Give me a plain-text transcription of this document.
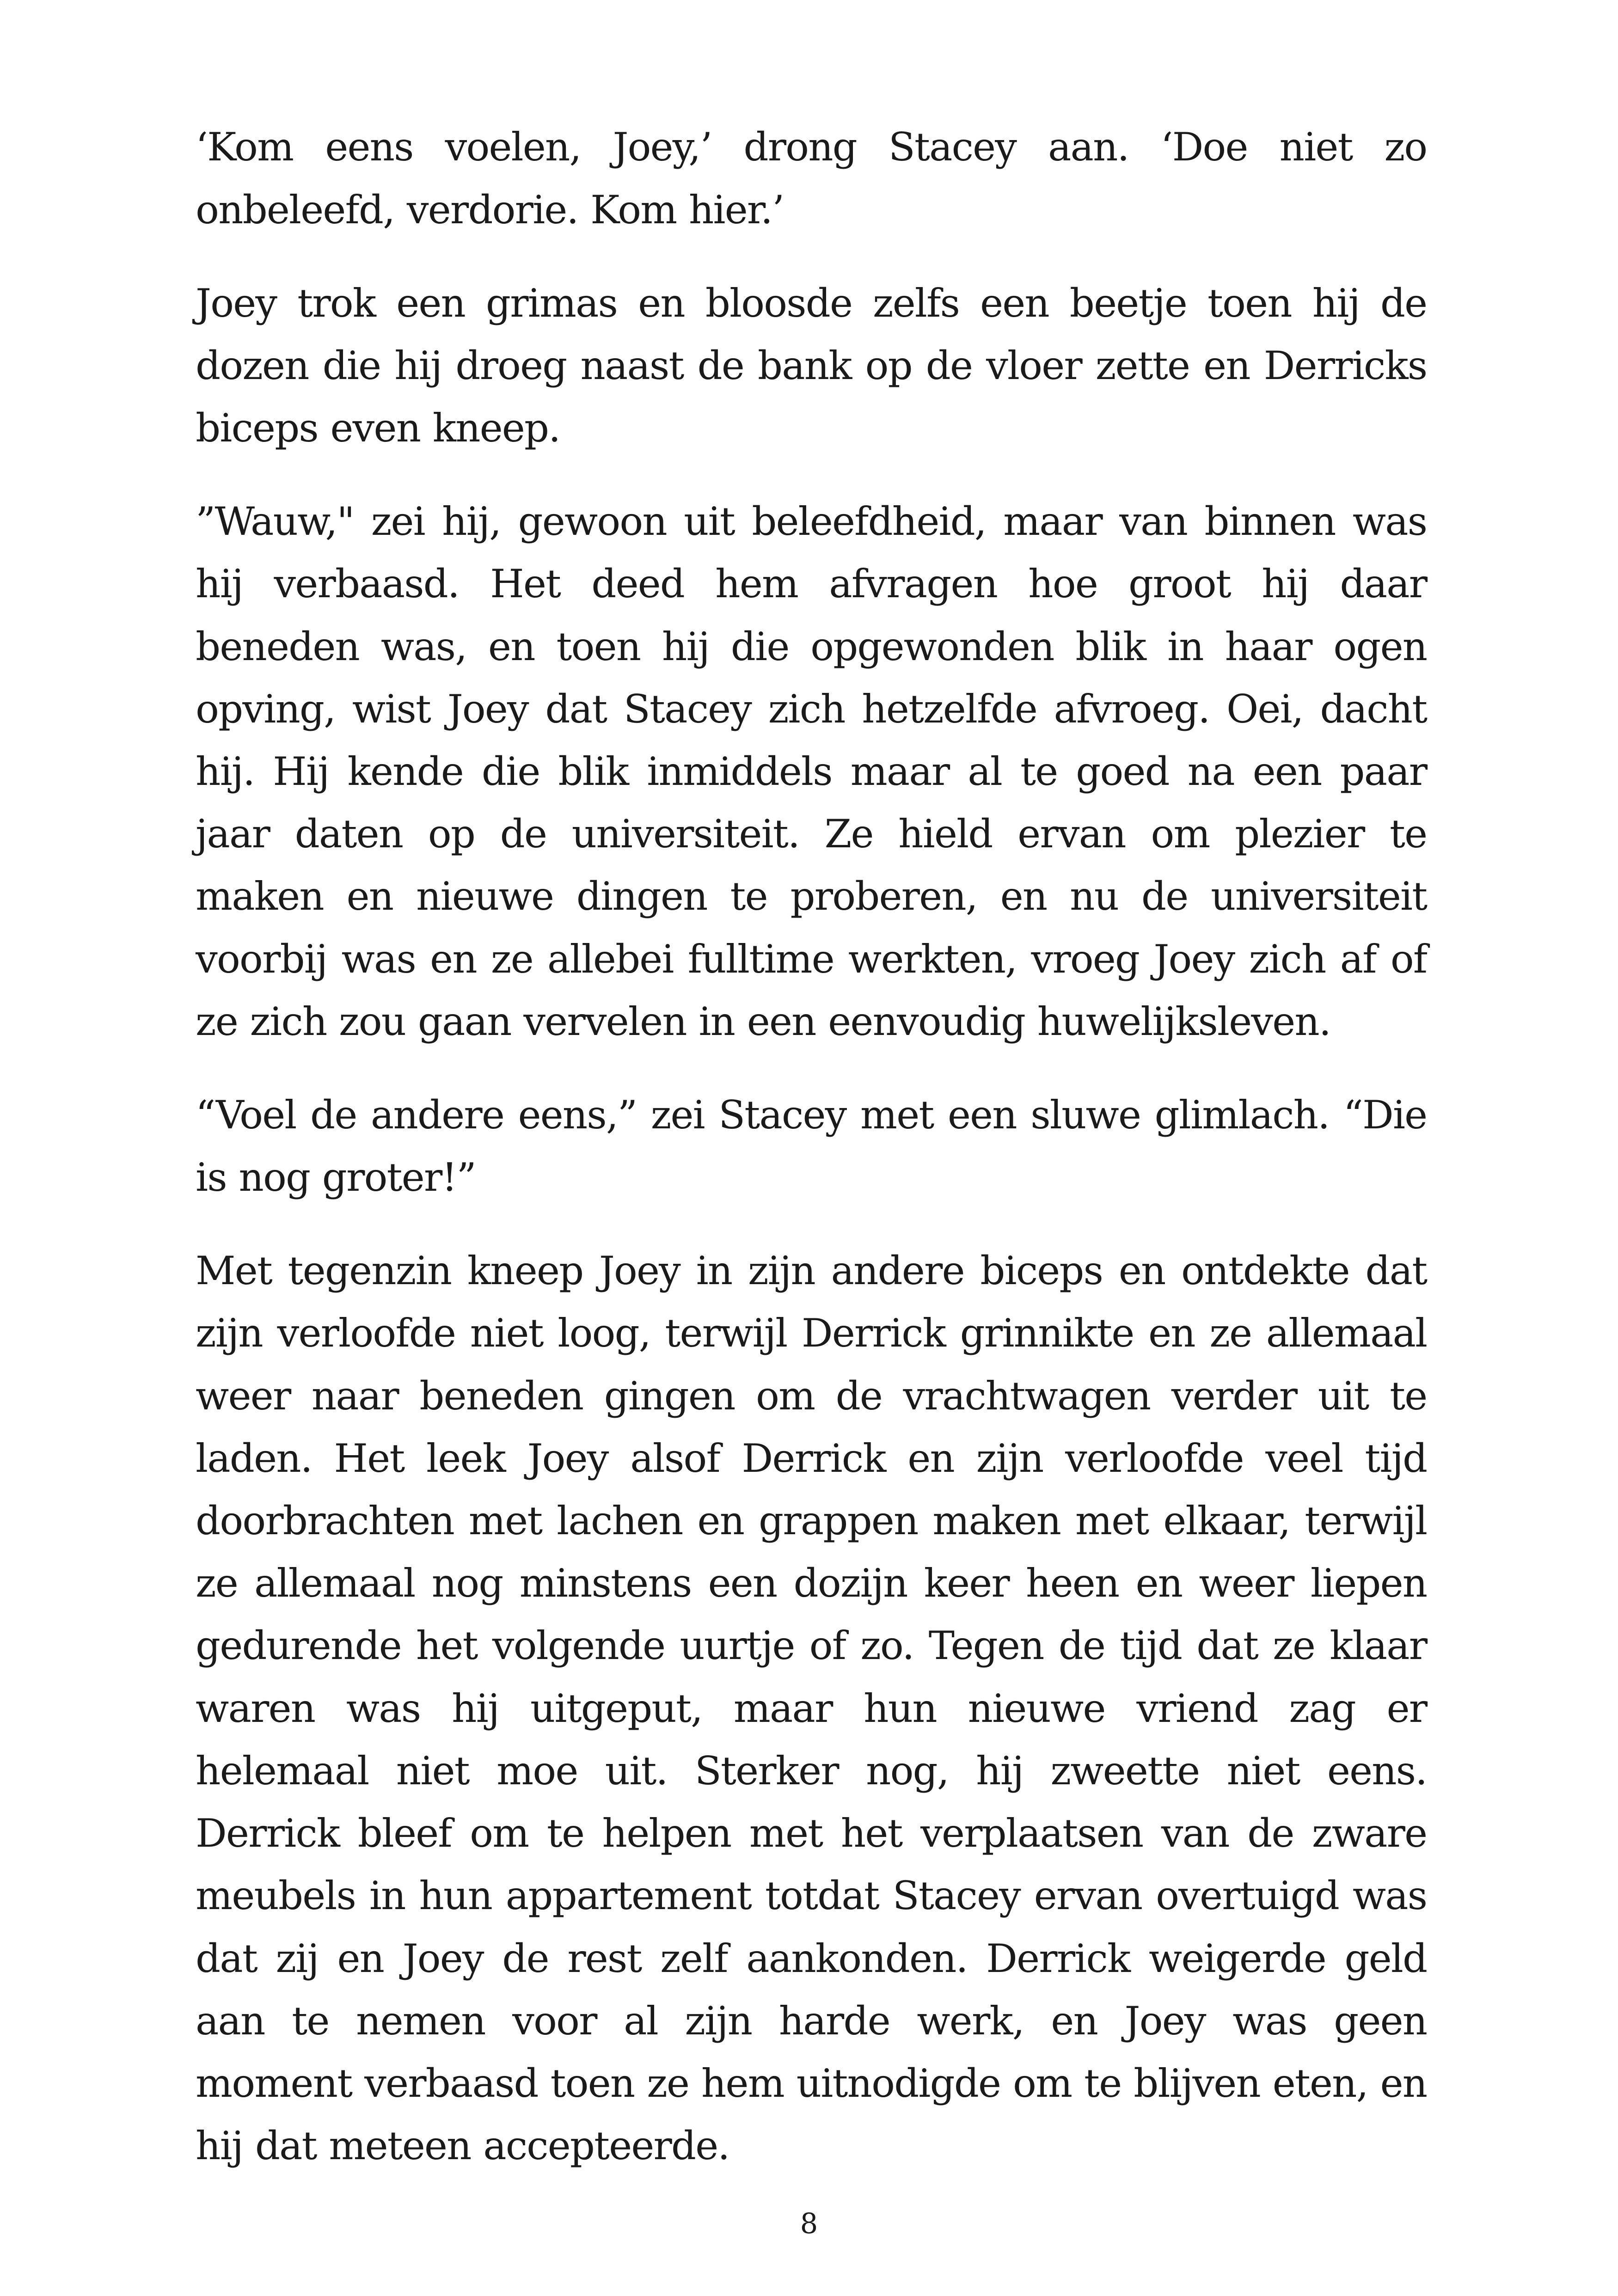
‘Kom eens voelen, Joey,’ drong Stacey aan. ‘Doe niet zo onbeleefd, verdorie. Kom hier.’

Joey trok een grimas en bloosde zelfs een beetje toen hij de dozen die hij droeg naast de bank op de vloer zette en Derricks biceps even kneep.

”Wauw," zei hij, gewoon uit beleefdheid, maar van binnen was hij verbaasd. Het deed hem afvragen hoe groot hij daar beneden was, en toen hij die opgewonden blik in haar ogen opving, wist Joey dat Stacey zich hetzelfde afvroeg. Oei, dacht hij. Hij kende die blik inmiddels maar al te goed na een paar jaar daten op de universiteit. Ze hield ervan om plezier te maken en nieuwe dingen te proberen, en nu de universiteit voorbij was en ze allebei fulltime werkten, vroeg Joey zich af of ze zich zou gaan vervelen in een eenvoudig huwelijksleven.

“Voel de andere eens,” zei Stacey met een sluwe glimlach. “Die is nog groter!”

Met tegenzin kneep Joey in zijn andere biceps en ontdekte dat zijn verloofde niet loog, terwijl Derrick grinnikte en ze allemaal weer naar beneden gingen om de vrachtwagen verder uit te laden. Het leek Joey alsof Derrick en zijn verloofde veel tijd doorbrachten met lachen en grappen maken met elkaar, terwijl ze allemaal nog minstens een dozijn keer heen en weer liepen gedurende het volgende uurtje of zo. Tegen de tijd dat ze klaar waren was hij uitgeput, maar hun nieuwe vriend zag er helemaal niet moe uit. Sterker nog, hij zweette niet eens. Derrick bleef om te helpen met het verplaatsen van de zware meubels in hun appartement totdat Stacey ervan overtuigd was dat zij en Joey de rest zelf aankonden. Derrick weigerde geld aan te nemen voor al zijn harde werk, en Joey was geen moment verbaasd toen ze hem uitnodigde om te blijven eten, en hij dat meteen accepteerde.

8
